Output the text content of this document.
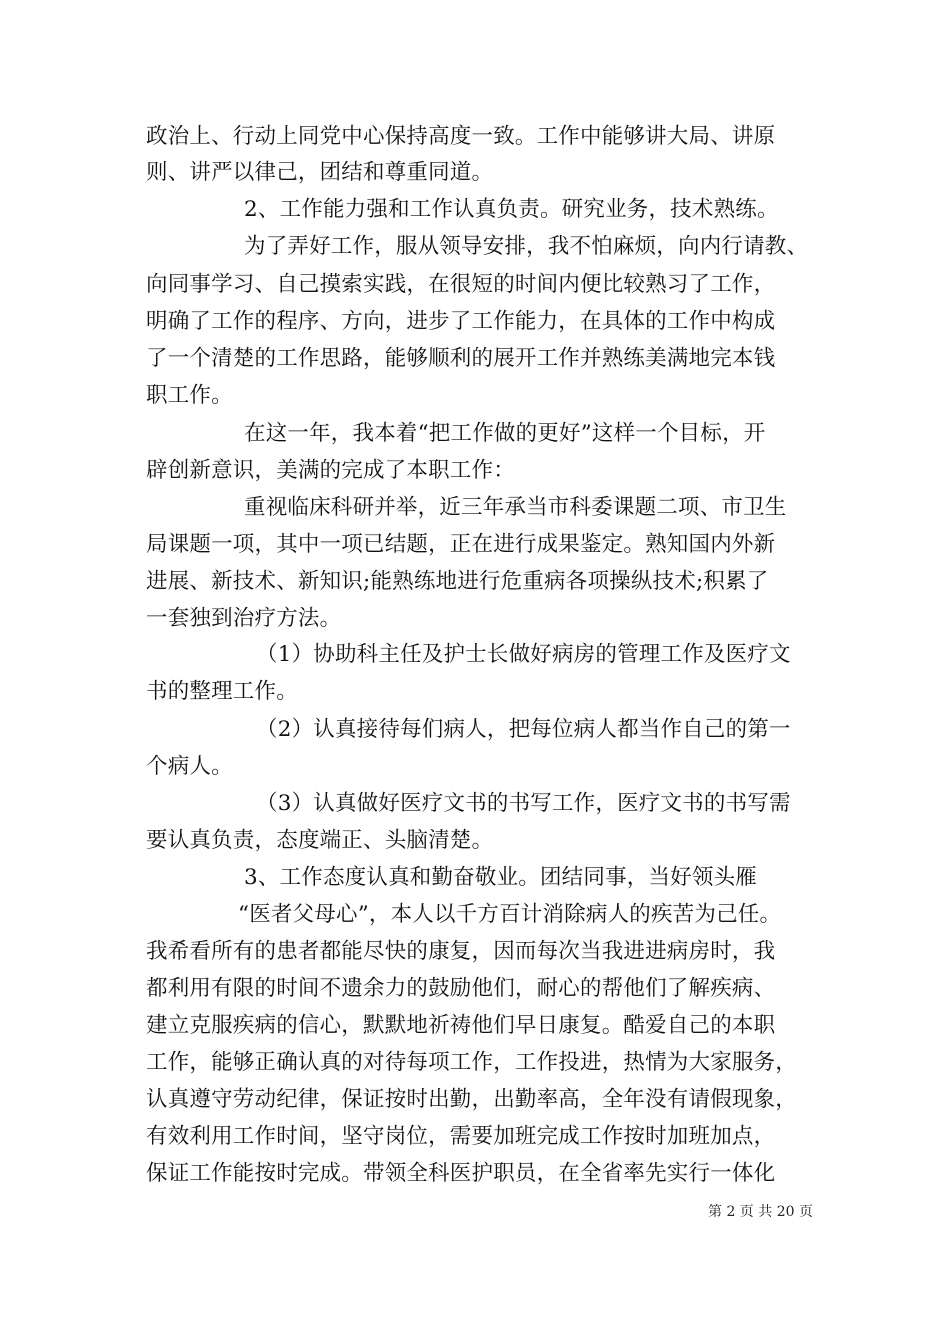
政治上、行动上同党中心保持高度一致。工作中能够讲大局、讲原
则、讲严以律己，团结和尊重同道。
2、工作能力强和工作认真负责。研究业务，技术熟练。
为了弄好工作，服从领导安排，我不怕麻烦，向内行请教、
向同事学习、自己摸索实践，在很短的时间内便比较熟习了工作，
明确了工作的程序、方向，进步了工作能力，在具体的工作中构成
了一个清楚的工作思路，能够顺利的展开工作并熟练美满地完本钱
职工作。
在这一年，我本着“把工作做的更好”这样一个目标，开
辟创新意识，美满的完成了本职工作：
重视临床科研并举，近三年承当市科委课题二项、市卫生
局课题一项，其中一项已结题，正在进行成果鉴定。熟知国内外新
进展、新技术、新知识;能熟练地进行危重病各项操纵技术;积累了
一套独到治疗方法。
（1）协助科主任及护士长做好病房的管理工作及医疗文
书的整理工作。
（2）认真接待每们病人，把每位病人都当作自己的第一
个病人。
（3）认真做好医疗文书的书写工作，医疗文书的书写需
要认真负责，态度端正、头脑清楚。
3、工作态度认真和勤奋敬业。团结同事，当好领头雁
“医者父母心”，本人以千方百计消除病人的疾苦为己任。
我希看所有的患者都能尽快的康复，因而每次当我进进病房时，我
都利用有限的时间不遗余力的鼓励他们，耐心的帮他们了解疾病、
建立克服疾病的信心，默默地祈祷他们早日康复。酷爱自己的本职
工作，能够正确认真的对待每项工作，工作投进，热情为大家服务，
认真遵守劳动纪律，保证按时出勤，出勤率高，全年没有请假现象，
有效利用工作时间，坚守岗位，需要加班完成工作按时加班加点，
保证工作能按时完成。带领全科医护职员，在全省率先实行一体化
第 2 页 共 20 页
